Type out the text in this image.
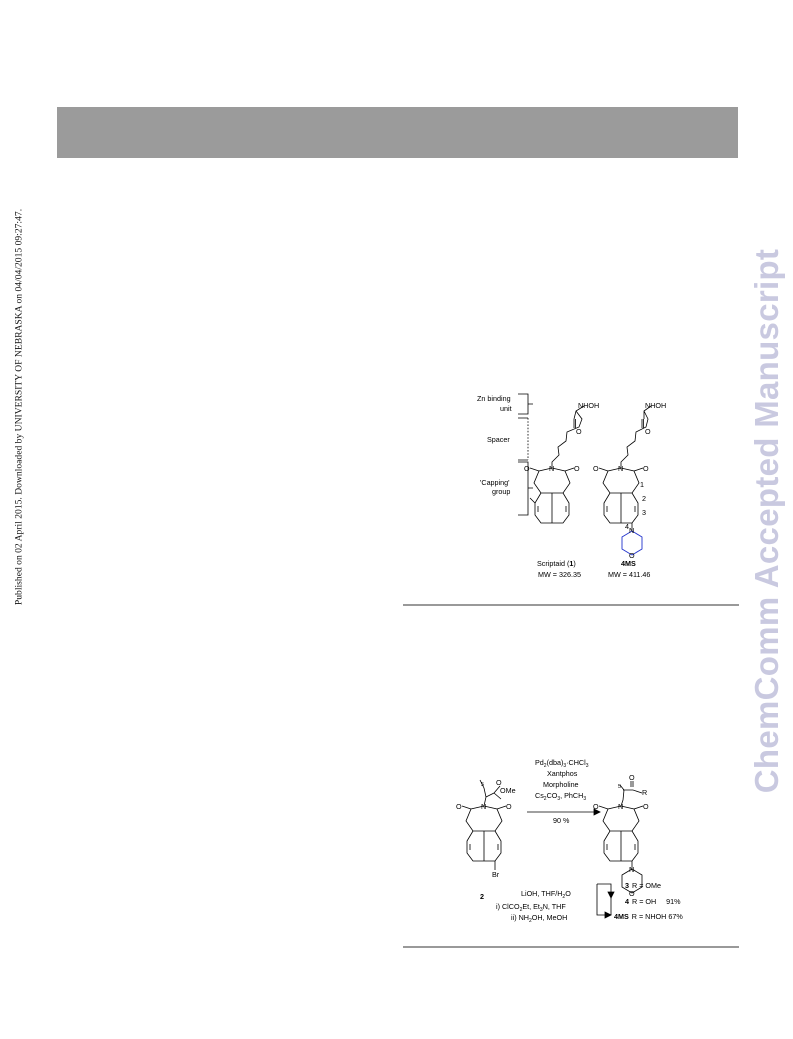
Published on 02 April 2015. Downloaded by UNIVERSITY OF NEBRASKA on 04/04/2015 09:27:47.	ChemComm Accepted Manuscript
Zn binding
unit
Spacer
'Capping'
group
NHOH
O
N
O	O
NHOH
O
N
O	O
1
2
3
4 N
O
Scriptaid (1)
MW = 326.35
4MS
MW = 411.46
5 O
OMe
N
O	O
Br
2
$Pd_2(dba)_3\cdot CHCl_3$
Xantphos
Morpholine
$Cs_2CO_3$, PhCH$_3$
90 %
5
O
R
N
O	O
N
O
LiOH, THF/$H_2O$
i) ClCO$_2$Et, $Et_3N$, THF
ii) $NH_2OH$, MeOH
3 R = OMe
4 R = OH 91%
4MS R = NHOH 67%
